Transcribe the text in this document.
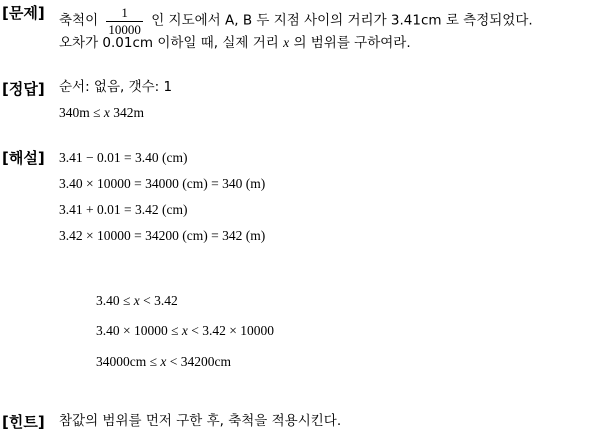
[문제] 축척이 $\frac{1}{10000}$ 인 지도에서 A, B 두 지점 사이의 거리가 3.41cm 로 측정되었다.
오차가 0.01cm 이하일 때, 실제 거리 x 의 범위를 구하여라.
[정답] 순서: 없음, 갯수: 1
340m ≤ x 342m
[해설] 3.41 − 0.01 = 3.40 (cm)
3.40 × 10000 = 34000 (cm) = 340 (m)
3.41 + 0.01 = 3.42 (cm)
3.42 × 10000 = 34200 (cm) = 342 (m)
3.40 ≤ x < 3.42
3.40 × 10000 ≤ x < 3.42 × 10000
34000cm ≤ x < 34200cm
[힌트] 참값의 범위를 먼저 구한 후, 축척을 적용시킨다.
